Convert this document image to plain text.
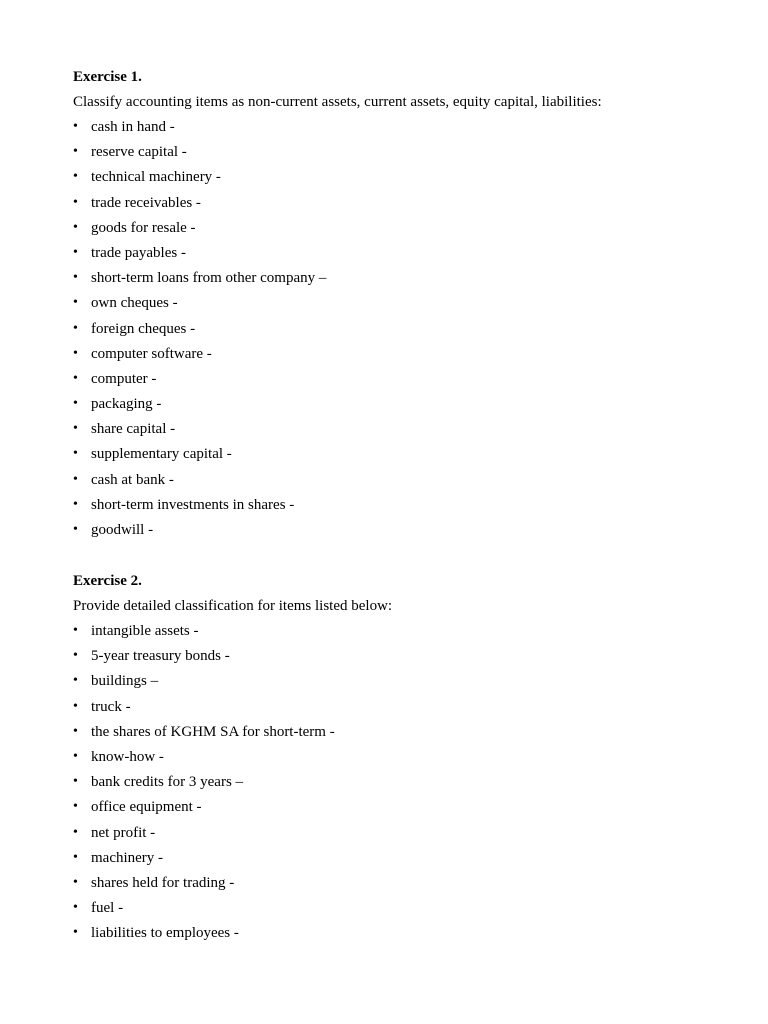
Exercise 1.
Classify accounting items as non-current assets, current assets, equity capital, liabilities:
• cash in hand -
• reserve capital -
• technical machinery -
• trade receivables -
• goods for resale -
• trade payables -
• short-term loans from other company –
• own cheques -
• foreign cheques -
• computer software -
• computer -
• packaging -
• share capital -
• supplementary capital -
• cash at bank -
• short-term investments in shares -
• goodwill -
Exercise 2.
Provide detailed classification for items listed below:
• intangible assets -
• 5-year treasury bonds -
• buildings –
• truck -
• the shares of KGHM SA for short-term -
• know-how -
• bank credits for 3 years –
• office equipment -
• net profit -
• machinery -
• shares held for trading -
• fuel -
• liabilities to employees -
